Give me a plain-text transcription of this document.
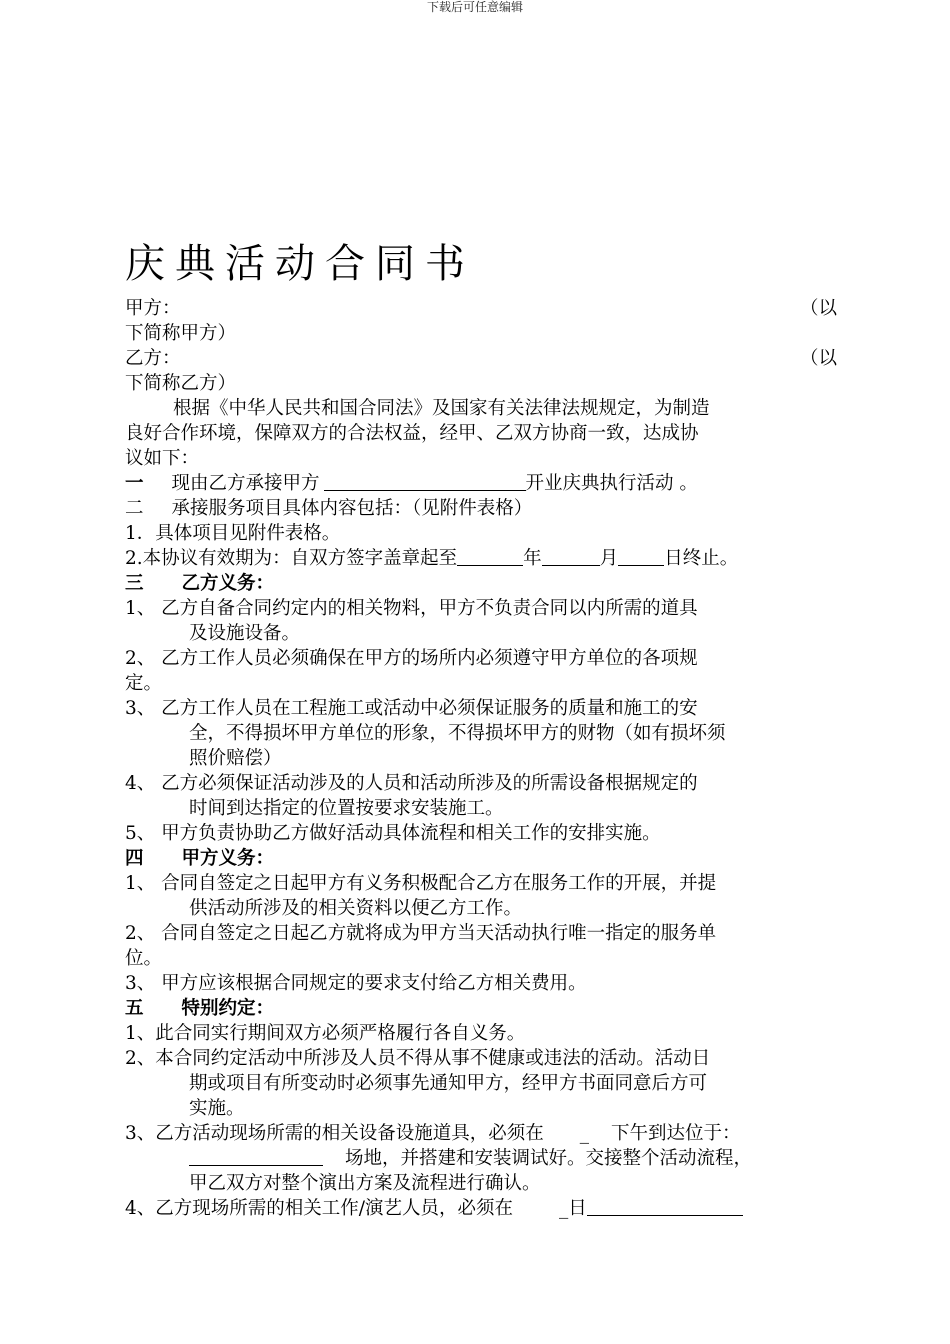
下载后可任意编辑
庆典活动合同书
甲方：	（以
下简称甲方）
乙方：	（以
下简称乙方）
根据《中华人民共和国合同法》及国家有关法律法规规定，为制造
良好合作环境，保障双方的合法权益，经甲、乙双方协商一致，达成协
议如下：
一 现由乙方承接甲方	开业庆典执行活动 。
二 承接服务项目具体内容包括：（见附件表格）
1．具体项目见附件表格。
2.本协议有效期为：自双方签字盖章起至	年	月 日终止。
三 乙方义务：
1、 乙方自备合同约定内的相关物料，甲方不负责合同以内所需的道具
及设施设备。
2、 乙方工作人员必须确保在甲方的场所内必须遵守甲方单位的各项规
定。
3、 乙方工作人员在工程施工或活动中必须保证服务的质量和施工的安
全，不得损坏甲方单位的形象，不得损坏甲方的财物（如有损坏须
照价赔偿）
4、 乙方必须保证活动涉及的人员和活动所涉及的所需设备根据规定的
时间到达指定的位置按要求安装施工。
5、 甲方负责协助乙方做好活动具体流程和相关工作的安排实施。
四 甲方义务：
1、 合同自签定之日起甲方有义务积极配合乙方在服务工作的开展，并提
供活动所涉及的相关资料以便乙方工作。
2、 合同自签定之日起乙方就将成为甲方当天活动执行唯一指定的服务单
位。
3、 甲方应该根据合同规定的要求支付给乙方相关费用。
五 特别约定：
1、此合同实行期间双方必须严格履行各自义务。
2、本合同约定活动中所涉及人员不得从事不健康或违法的活动。活动日
期或项目有所变动时必须事先通知甲方，经甲方书面同意后方可
实施。
3、乙方活动现场所需的相关设备设施道具，必须在 _ 下午到达位于：
场地，并搭建和安装调试好。交接整个活动流程，
甲乙双方对整个演出方案及流程进行确认。
4、乙方现场所需的相关工作/演艺人员，必须在 _日
